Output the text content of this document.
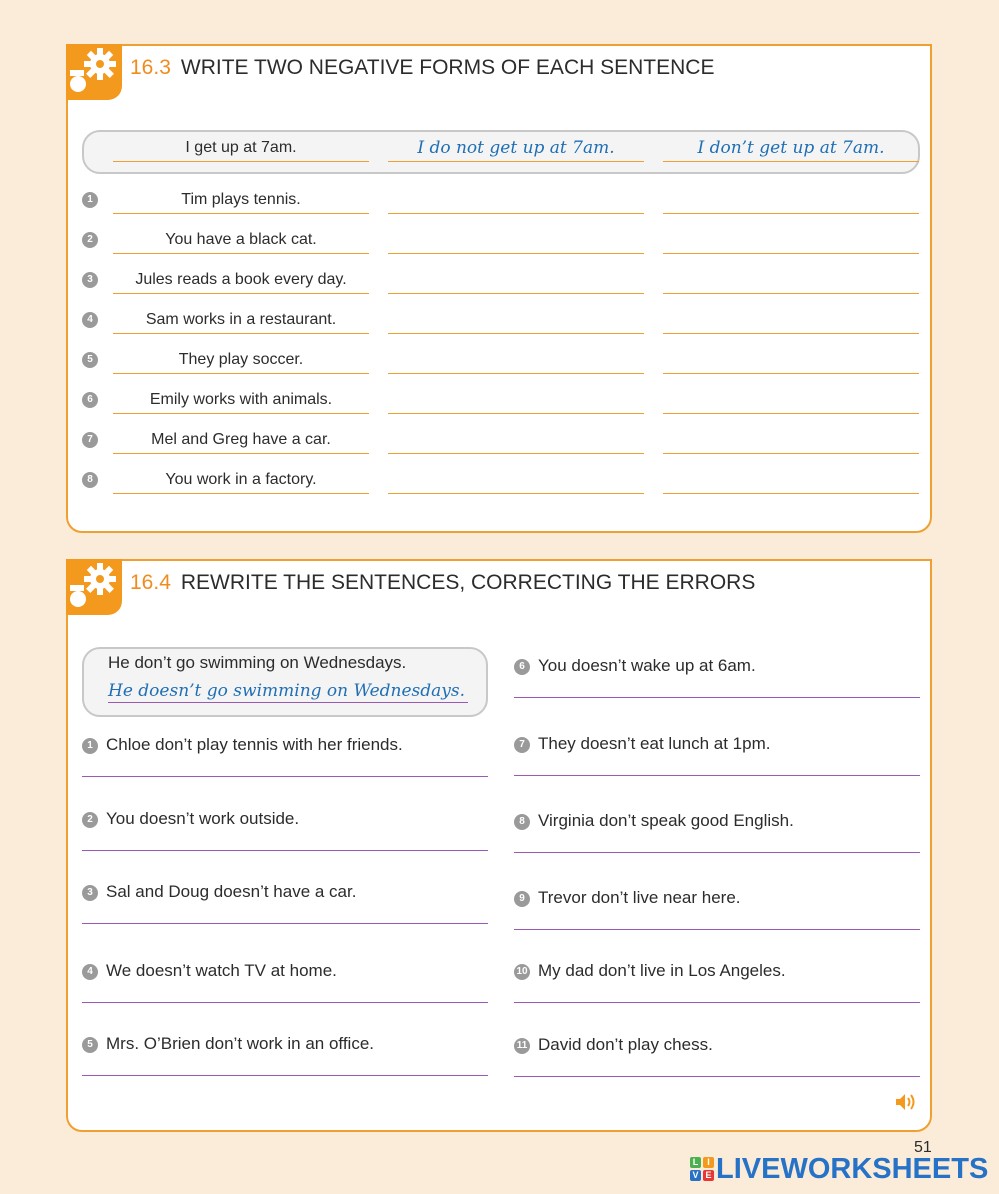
16.3 WRITE TWO NEGATIVE FORMS OF EACH SENTENCE
I get up at 7am.	I do not get up at 7am.	I don’t get up at 7am.
1	Tim plays tennis.
2	You have a black cat.
3	Jules reads a book every day.
4	Sam works in a restaurant.
5	They play soccer.
6	Emily works with animals.
7	Mel and Greg have a car.
8	You work in a factory.
16.4 REWRITE THE SENTENCES, CORRECTING THE ERRORS
He don’t go swimming on Wednesdays.
He doesn’t go swimming on Wednesdays.
1 Chloe don’t play tennis with her friends.
2 You doesn’t work outside.
3 Sal and Doug doesn’t have a car.
4 We doesn’t watch TV at home.
5 Mrs. O’Brien don’t work in an office.
6 You doesn’t wake up at 6am.
7 They doesn’t eat lunch at 1pm.
8 Virginia don’t speak good English.
9 Trevor don’t live near here.
10 My dad don’t live in Los Angeles.
11 David don’t play chess.
51
L I
V E LIVEWORKSHEETS
